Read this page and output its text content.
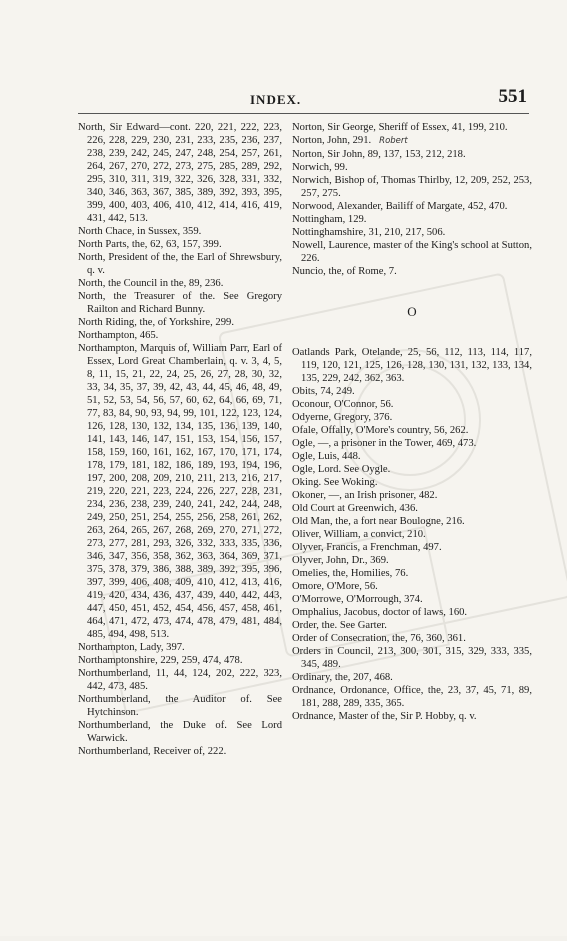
INDEX.	551

North, Sir Edward—cont. 220, 221, 222, 223, 226, 228, 229, 230, 231, 233, 235, 236, 237, 238, 239, 242, 245, 247, 248, 254, 257, 261, 264, 267, 270, 272, 273, 275, 285, 289, 292, 295, 310, 311, 319, 322, 326, 328, 331, 332, 340, 346, 363, 367, 385, 389, 392, 393, 395, 399, 400, 403, 406, 410, 412, 414, 416, 419, 431, 442, 513.

North Chace, in Sussex, 359.

North Parts, the, 62, 63, 157, 399.

North, President of the, the Earl of Shrewsbury, q. v.

North, the Council in the, 89, 236.

North, the Treasurer of the. See Gregory Railton and Richard Bunny.

North Riding, the, of Yorkshire, 299.

Northampton, 465.

Northampton, Marquis of, William Parr, Earl of Essex, Lord Great Chamberlain, q. v. 3, 4, 5, 8, 11, 15, 21, 22, 24, 25, 26, 27, 28, 30, 32, 33, 34, 35, 37, 39, 42, 43, 44, 45, 46, 48, 49, 51, 52, 53, 54, 56, 57, 60, 62, 64, 66, 69, 71, 77, 83, 84, 90, 93, 94, 99, 101, 122, 123, 124, 126, 128, 130, 132, 134, 135, 136, 139, 140, 141, 143, 146, 147, 151, 153, 154, 156, 157, 158, 159, 160, 161, 162, 167, 170, 171, 174, 178, 179, 181, 182, 186, 189, 193, 194, 196, 197, 200, 208, 209, 210, 211, 213, 216, 217, 219, 220, 221, 223, 224, 226, 227, 228, 231, 234, 236, 238, 239, 240, 241, 242, 244, 248, 249, 250, 251, 254, 255, 256, 258, 261, 262, 263, 264, 265, 267, 268, 269, 270, 271, 272, 273, 277, 281, 293, 326, 332, 333, 335, 336, 346, 347, 356, 358, 362, 363, 364, 369, 371, 375, 378, 379, 386, 388, 389, 392, 395, 396, 397, 399, 406, 408, 409, 410, 412, 413, 416, 419, 420, 434, 436, 437, 439, 440, 442, 443, 447, 450, 451, 452, 454, 456, 457, 458, 461, 464, 471, 472, 473, 474, 478, 479, 481, 484, 485, 494, 498, 513.

Northampton, Lady, 397.

Northamptonshire, 229, 259, 474, 478.

Northumberland, 11, 44, 124, 202, 222, 323, 442, 473, 485.

Northumberland, the Auditor of. See Hytchinson.

Northumberland, the Duke of. See Lord Warwick.

Northumberland, Receiver of, 222.

Norton, Sir George, Sheriff of Essex, 41, 199, 210.

Norton, John, 291. Robert

Norton, Sir John, 89, 137, 153, 212, 218.

Norwich, 99.

Norwich, Bishop of, Thomas Thirlby, 12, 209, 252, 253, 257, 275.

Norwood, Alexander, Bailiff of Margate, 452, 470.

Nottingham, 129.

Nottinghamshire, 31, 210, 217, 506.

Nowell, Laurence, master of the King's school at Sutton, 226.

Nuncio, the, of Rome, 7.

O

Oatlands Park, Otelande, 25, 56, 112, 113, 114, 117, 119, 120, 121, 125, 126, 128, 130, 131, 132, 133, 134, 135, 229, 242, 362, 363.

Obits, 74, 249.

Oconour, O'Connor, 56.

Odyerne, Gregory, 376.

Ofale, Offally, O'More's country, 56, 262.

Ogle, —, a prisoner in the Tower, 469, 473.

Ogle, Luis, 448.

Ogle, Lord. See Oygle.

Oking. See Woking.

Okoner, —, an Irish prisoner, 482.

Old Court at Greenwich, 436.

Old Man, the, a fort near Boulogne, 216.

Oliver, William, a convict, 210.

Olyver, Francis, a Frenchman, 497.

Olyver, John, Dr., 369.

Omelies, the, Homilies, 76.

Omore, O'More, 56.

O'Morrowe, O'Morrough, 374.

Omphalius, Jacobus, doctor of laws, 160.

Order, the. See Garter.

Order of Consecration, the, 76, 360, 361.

Orders in Council, 213, 300, 301, 315, 329, 333, 335, 345, 489.

Ordinary, the, 207, 468.

Ordnance, Ordonance, Office, the, 23, 37, 45, 71, 89, 181, 288, 289, 335, 365.

Ordnance, Master of the, Sir P. Hobby, q. v.
